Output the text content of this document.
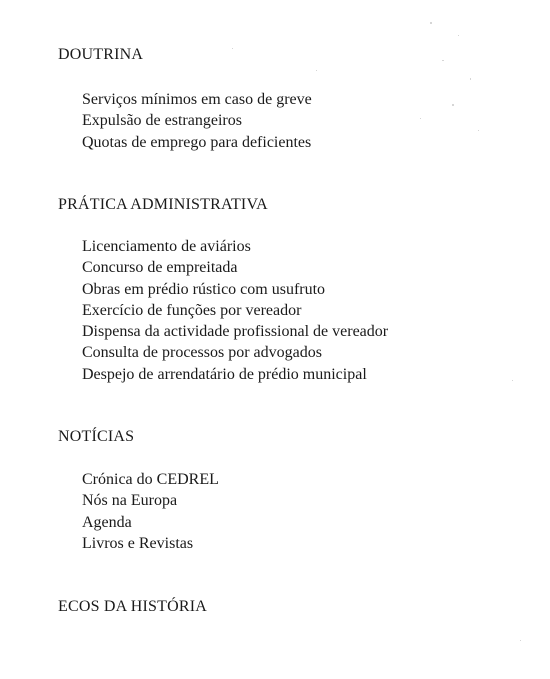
DOUTRINA
Serviços mínimos em caso de greve
Expulsão de estrangeiros
Quotas de emprego para deficientes
PRÁTICA ADMINISTRATIVA
Licenciamento de aviários
Concurso de empreitada
Obras em prédio rústico com usufruto
Exercício de funções por vereador
Dispensa da actividade profissional de vereador
Consulta de processos por advogados
Despejo de arrendatário de prédio municipal
NOTÍCIAS
Crónica do CEDREL
Nós na Europa
Agenda
Livros e Revistas
ECOS DA HISTÓRIA
